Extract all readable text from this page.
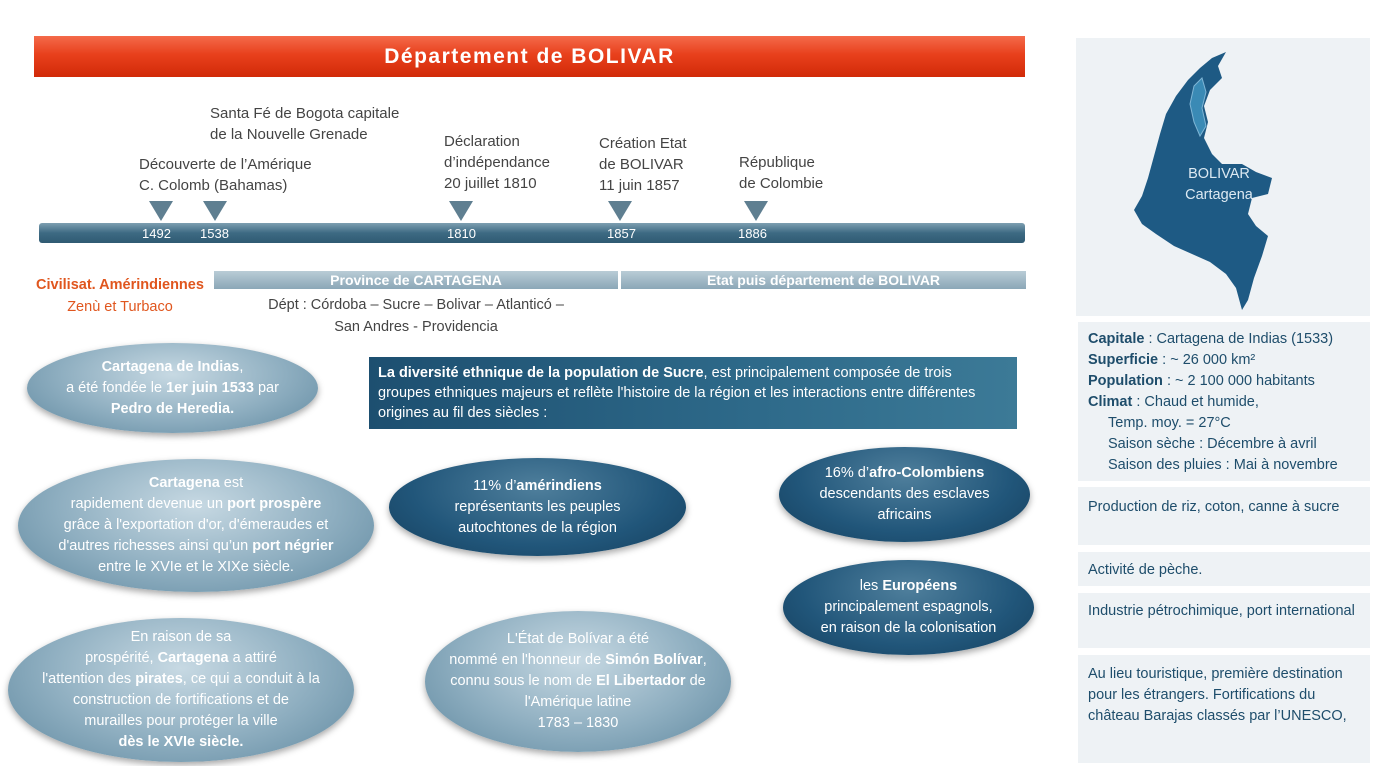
Département de BOLIVAR
Découverte de l’Amérique
C. Colomb (Bahamas)
Santa Fé de Bogota capitale
de la Nouvelle Grenade	Déclaration
d’indépendance
20 juillet 1810
Création Etat
de BOLIVAR
11 juin 1857
République
de Colombie
1492 1538	1810	1857	1886
Civilisat. Amérindiennes
Zenù et Turbaco
Province de CARTAGENA	Etat puis département de BOLIVAR
Dépt : Córdoba – Sucre – Bolivar – Atlanticó –
San Andres - Providencia
Cartagena de Indias,
a été fondée le 1er juin 1533 par
Pedro de Heredia.
Cartagena est
rapidement devenue un port prospère
grâce à l'exportation d'or, d'émeraudes et
d'autres richesses ainsi qu’un port négrier
entre le XVIe et le XIXe siècle.
En raison de sa
prospérité, Cartagena a attiré
l'attention des pirates, ce qui a conduit à la
construction de fortifications et de
murailles pour protéger la ville
dès le XVIe siècle.
11% d’amérindiens
représentants les peuples
autochtones de la région
L'État de Bolívar a été
nommé en l'honneur de Simón Bolívar,
connu sous le nom de El Libertador de
l'Amérique latine
1783 – 1830
16% d’afro-Colombiens
descendants des esclaves
africains
les Européens
principalement espagnols,
en raison de la colonisation
La diversité ethnique de la population de Sucre, est principalement composée de trois groupes ethniques majeurs et reflète l'histoire de la région et les interactions entre différentes origines au fil des siècles :
BOLIVAR
Cartagena
Capitale : Cartagena de Indias (1533)
Superficie : ~ 26 000 km²
Population : ~ 2 100 000 habitants
Climat : Chaud et humide,
Temp. moy. = 27°C
Saison sèche : Décembre à avril
Saison des pluies : Mai à novembre
Production de riz, coton, canne à sucre
Activité de pèche.
Industrie pétrochimique, port international
Au lieu touristique, première destination pour les étrangers. Fortifications du château Barajas classés par l’UNESCO,
